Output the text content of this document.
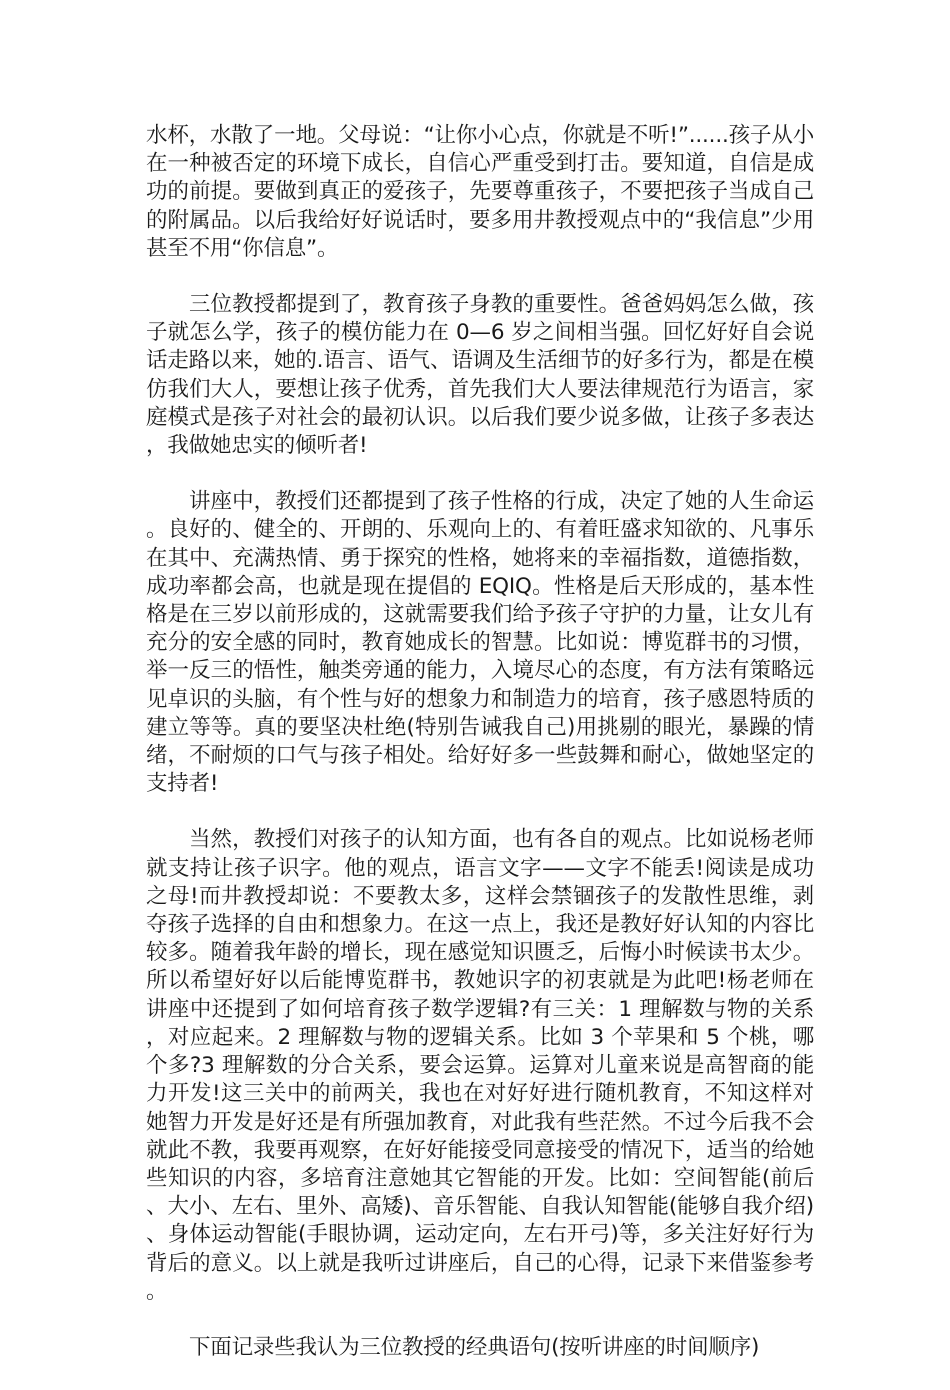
水杯，水散了一地。父母说：“让你小心点，你就是不听!”......孩子从小在一种被否定的环境下成长，自信心严重受到打击。要知道，自信是成功的前提。要做到真正的爱孩子，先要尊重孩子，不要把孩子当成自己的附属品。以后我给好好说话时，要多用井教授观点中的“我信息”少用甚至不用“你信息”。

三位教授都提到了，教育孩子身教的重要性。爸爸妈妈怎么做，孩子就怎么学，孩子的模仿能力在 0—6 岁之间相当强。回忆好好自会说话走路以来，她的.语言、语气、语调及生活细节的好多行为，都是在模仿我们大人，要想让孩子优秀，首先我们大人要法律规范行为语言，家庭模式是孩子对社会的最初认识。以后我们要少说多做，让孩子多表达，我做她忠实的倾听者!

讲座中，教授们还都提到了孩子性格的行成，决定了她的人生命运。良好的、健全的、开朗的、乐观向上的、有着旺盛求知欲的、凡事乐在其中、充满热情、勇于探究的性格，她将来的幸福指数，道德指数，成功率都会高，也就是现在提倡的 EQIQ。性格是后天形成的，基本性格是在三岁以前形成的，这就需要我们给予孩子守护的力量，让女儿有充分的安全感的同时，教育她成长的智慧。比如说：博览群书的习惯，举一反三的悟性，触类旁通的能力，入境尽心的态度，有方法有策略远见卓识的头脑，有个性与好的想象力和制造力的培育，孩子感恩特质的建立等等。真的要坚决杜绝(特别告诫我自己)用挑剔的眼光，暴躁的情绪，不耐烦的口气与孩子相处。给好好多一些鼓舞和耐心，做她坚定的支持者!

当然，教授们对孩子的认知方面，也有各自的观点。比如说杨老师就支持让孩子识字。他的观点，语言文字——文字不能丢!阅读是成功之母!而井教授却说：不要教太多，这样会禁锢孩子的发散性思维，剥夺孩子选择的自由和想象力。在这一点上，我还是教好好认知的内容比较多。随着我年龄的增长，现在感觉知识匮乏，后悔小时候读书太少。所以希望好好以后能博览群书，教她识字的初衷就是为此吧!杨老师在讲座中还提到了如何培育孩子数学逻辑?有三关：1 理解数与物的关系，对应起来。2 理解数与物的逻辑关系。比如 3 个苹果和 5 个桃，哪个多?3 理解数的分合关系，要会运算。运算对儿童来说是高智商的能力开发!这三关中的前两关，我也在对好好进行随机教育，不知这样对她智力开发是好还是有所强加教育，对此我有些茫然。不过今后我不会就此不教，我要再观察，在好好能接受同意接受的情况下，适当的给她些知识的内容，多培育注意她其它智能的开发。比如：空间智能(前后、大小、左右、里外、高矮)、音乐智能、自我认知智能(能够自我介绍)、身体运动智能(手眼协调，运动定向，左右开弓)等，多关注好好行为背后的意义。以上就是我听过讲座后，自己的心得，记录下来借鉴参考。

下面记录些我认为三位教授的经典语句(按听讲座的时间顺序)
